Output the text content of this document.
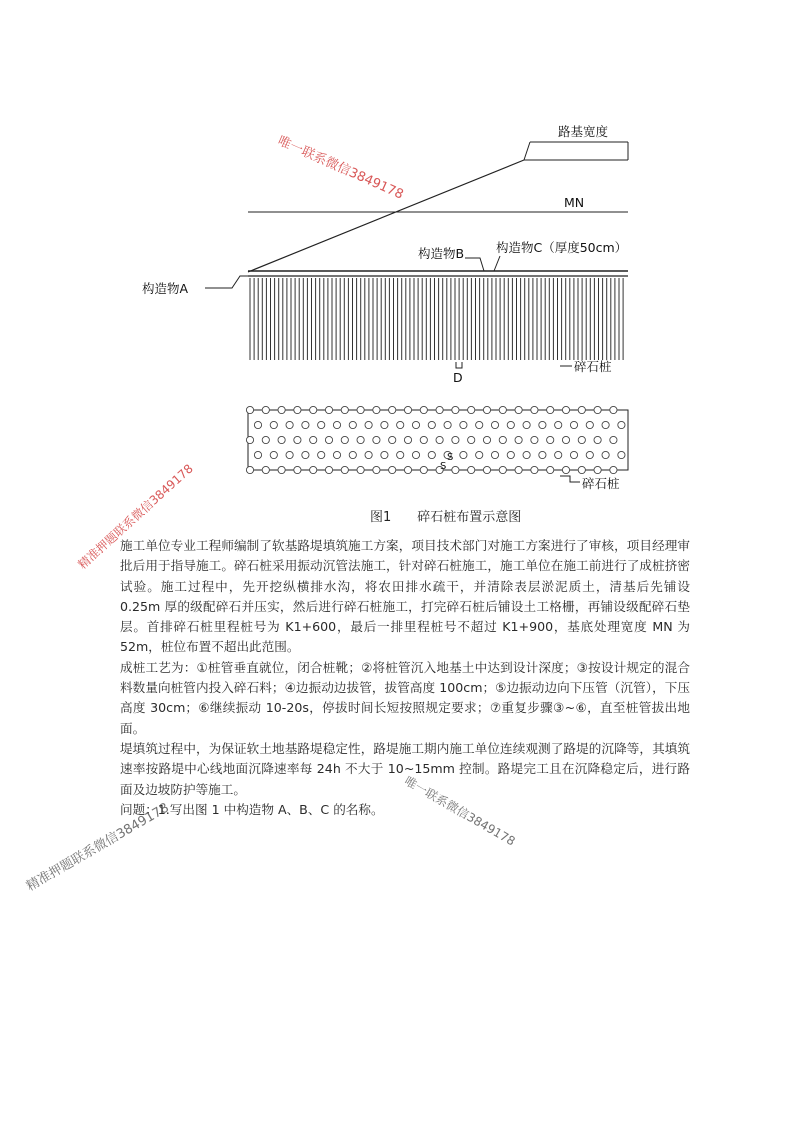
路基宽度
MN
构造物A
构造物B	构造物C（厚度50cm）
D
碎石桩
碎石桩
S
S
图1　　碎石桩布置示意图

施工单位专业工程师编制了软基路堤填筑施工方案，项目技术部门对施工方案进行了审核，项目经理审批后用于指导施工。碎石桩采用振动沉管法施工，针对碎石桩施工，施工单位在施工前进行了成桩挤密试验。施工过程中，先开挖纵横排水沟，将农田排水疏干，并清除表层淤泥质土，清基后先铺设 0.25m 厚的级配碎石并压实，然后进行碎石桩施工，打完碎石桩后铺设土工格栅，再铺设级配碎石垫层。首排碎石桩里程桩号为 K1+600，最后一排里程桩号不超过 K1+900，基底处理宽度 MN 为 52m，桩位布置不超出此范围。

成桩工艺为：①桩管垂直就位，闭合桩靴；②将桩管沉入地基土中达到设计深度；③按设计规定的混合料数量向桩管内投入碎石料；④边振动边拔管，拔管高度 100cm；⑤边振动边向下压管（沉管），下压高度 30cm；⑥继续振动 10-20s，停拔时间长短按照规定要求；⑦重复步骤③~⑥，直至桩管拔出地面。

堤填筑过程中，为保证软土地基路堤稳定性，路堤施工期内施工单位连续观测了路堤的沉降等，其填筑速率按路堤中心线地面沉降速率每 24h 不大于 10~15mm 控制。路堤完工且在沉降稳定后，进行路面及边坡防护等施工。

问题：1.写出图 1 中构造物 A、B、C 的名称。

唯一联系微信3849178
精准押题联系微信3849178
唯一联系微信3849178
精准押题联系微信3849178
